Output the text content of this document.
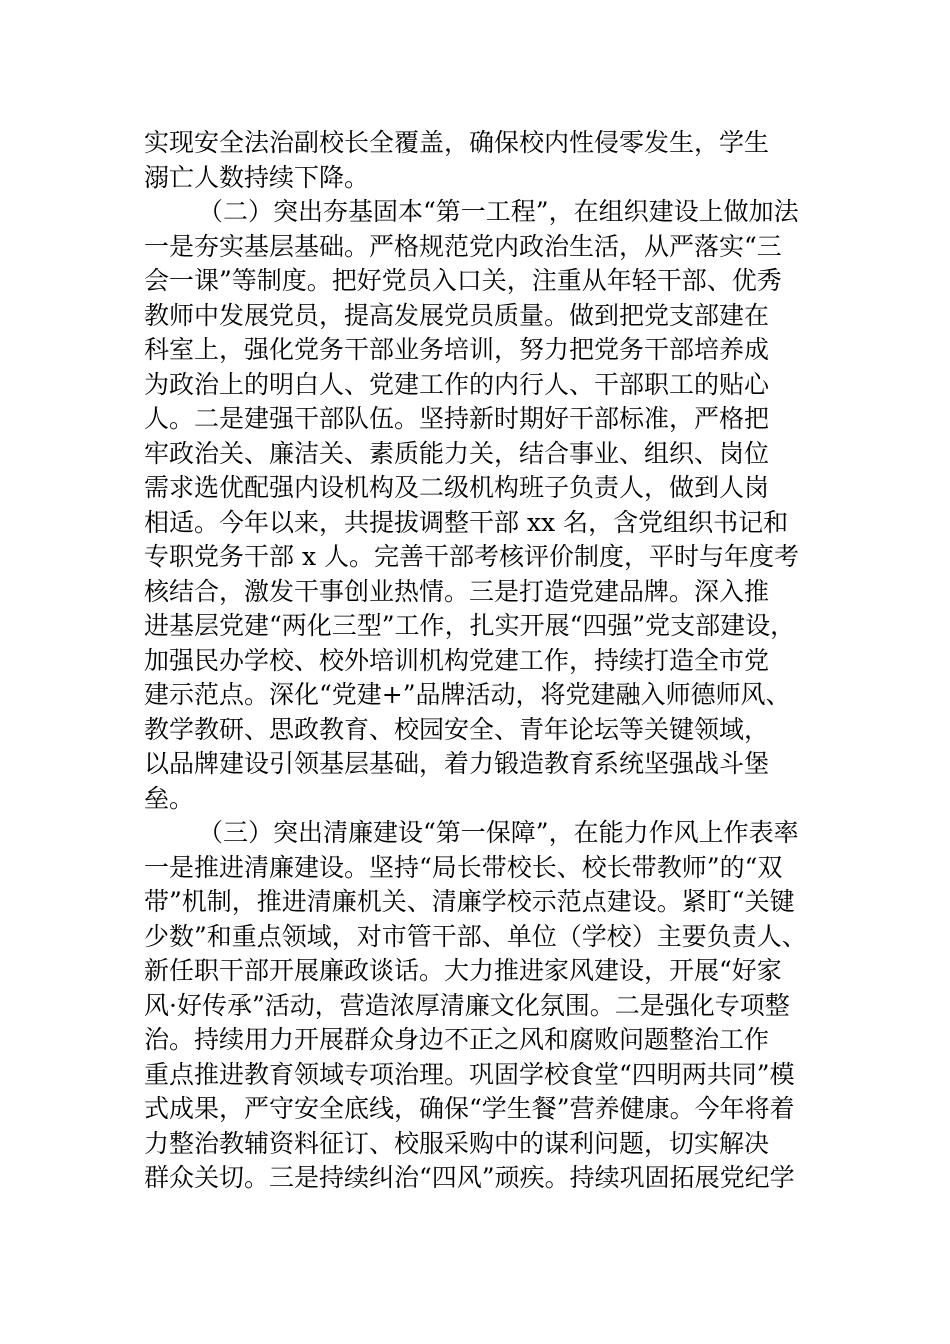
实现安全法治副校长全覆盖，确保校内性侵零发生，学生
溺亡人数持续下降。
（二）突出夯基固本“第一工程”，在组织建设上做加法
一是夯实基层基础。严格规范党内政治生活，从严落实“三
会一课”等制度。把好党员入口关，注重从年轻干部、优秀
教师中发展党员，提高发展党员质量。做到把党支部建在
科室上，强化党务干部业务培训，努力把党务干部培养成
为政治上的明白人、党建工作的内行人、干部职工的贴心
人。二是建强干部队伍。坚持新时期好干部标准，严格把
牢政治关、廉洁关、素质能力关，结合事业、组织、岗位
需求选优配强内设机构及二级机构班子负责人，做到人岗
相适。今年以来，共提拔调整干部 xx 名，含党组织书记和
专职党务干部 x 人。完善干部考核评价制度，平时与年度考
核结合，激发干事创业热情。三是打造党建品牌。深入推
进基层党建“两化三型”工作，扎实开展“四强”党支部建设，
加强民办学校、校外培训机构党建工作，持续打造全市党
建示范点。深化“党建+”品牌活动，将党建融入师德师风、
教学教研、思政教育、校园安全、青年论坛等关键领域，
以品牌建设引领基层基础，着力锻造教育系统坚强战斗堡
垒。
（三）突出清廉建设“第一保障”，在能力作风上作表率
一是推进清廉建设。坚持“局长带校长、校长带教师”的“双
带”机制，推进清廉机关、清廉学校示范点建设。紧盯“关键
少数”和重点领域，对市管干部、单位（学校）主要负责人、
新任职干部开展廉政谈话。大力推进家风建设，开展“好家
风·好传承”活动，营造浓厚清廉文化氛围。二是强化专项整
治。持续用力开展群众身边不正之风和腐败问题整治工作
重点推进教育领域专项治理。巩固学校食堂“四明两共同”模
式成果，严守安全底线，确保“学生餐”营养健康。今年将着
力整治教辅资料征订、校服采购中的谋利问题，切实解决
群众关切。三是持续纠治“四风”顽疾。持续巩固拓展党纪学
